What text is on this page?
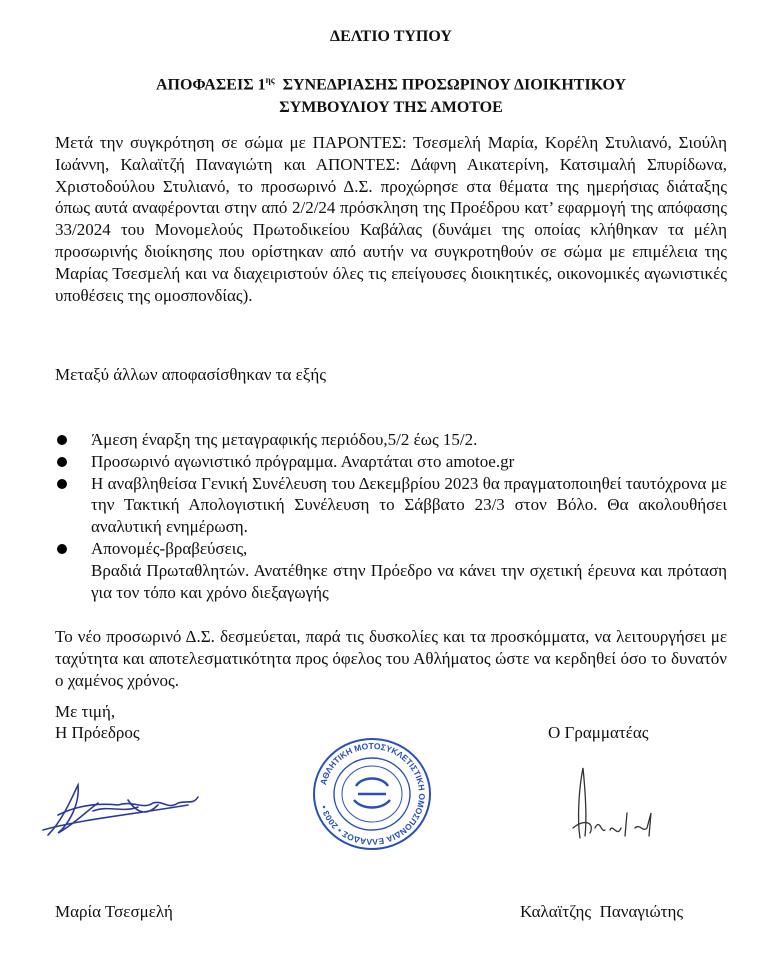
ΔΕΛΤΙΟ ΤΥΠΟΥ
ΑΠΟΦΑΣΕΙΣ $1^{\eta\varsigma}$  ΣΥΝΕΔΡΙΑΣΗΣ ΠΡΟΣΩΡΙΝΟΥ ΔΙΟΙΚΗΤΙΚΟΥ
ΣΥΜΒΟΥΛΙΟΥ ΤΗΣ ΑΜΟΤΟΕ
Μετά την συγκρότηση σε σώμα με ΠΑΡΟΝΤΕΣ: Τσεσμελή Μαρία, Κορέλη Στυλιανό, Σιούλη Ιωάννη, Καλαϊτζή Παναγιώτη και ΑΠΟΝΤΕΣ: Δάφνη Αικατερίνη, Κατσιμαλή Σπυρίδωνα, Χριστοδούλου Στυλιανό, το προσωρινό Δ.Σ. προχώρησε στα θέματα της ημερήσιας διάταξης όπως αυτά αναφέρονται στην από 2/2/24 πρόσκληση της Προέδρου κατ’ εφαρμογή της απόφασης 33/2024 του Μονομελούς Πρωτοδικείου Καβάλας (δυνάμει της οποίας κλήθηκαν τα μέλη προσωρινής διοίκησης που ορίστηκαν από αυτήν να συγκροτηθούν σε σώμα με επιμέλεια της Μαρίας Τσεσμελή και να διαχειριστούν όλες τις επείγουσες διοικητικές, οικονομικές αγωνιστικές υποθέσεις της ομοσπονδίας).
Μεταξύ άλλων αποφασίσθηκαν τα εξής
Άμεση έναρξη της μεταγραφικής περιόδου,5/2 έως 15/2.
Προσωρινό αγωνιστικό πρόγραμμα. Αναρτάται στο amotoe.gr
Η αναβληθείσα Γενική Συνέλευση του Δεκεμβρίου 2023 θα πραγματοποιηθεί ταυτόχρονα με την Τακτική Απολογιστική Συνέλευση το Σάββατο 23/3 στον Βόλο. Θα ακολουθήσει αναλυτική ενημέρωση.
Απονομές-βραβεύσεις,
Βραδιά Πρωταθλητών. Ανατέθηκε στην Πρόεδρο να κάνει την σχετική έρευνα και πρόταση για τον τόπο και χρόνο διεξαγωγής
Το νέο προσωρινό Δ.Σ. δεσμεύεται, παρά τις δυσκολίες και τα προσκόμματα, να λειτουργήσει με ταχύτητα και αποτελεσματικότητα προς όφελος του Αθλήματος ώστε να κερδηθεί όσο το δυνατόν ο χαμένος χρόνος.
Με τιμή,
Η Πρόεδρος	Ο Γραμματέας
ΑΘΛΗΤΙΚΗ ΜΟΤΟΣΥΚΛΕΤΙΣΤΙΚΗ ΟΜΟΣΠΟΝΔΙΑ ΕΛΛΑΔΟΣ • 2003 •
Μαρία Τσεσμελή	Καλαϊτζης  Παναγιώτης
